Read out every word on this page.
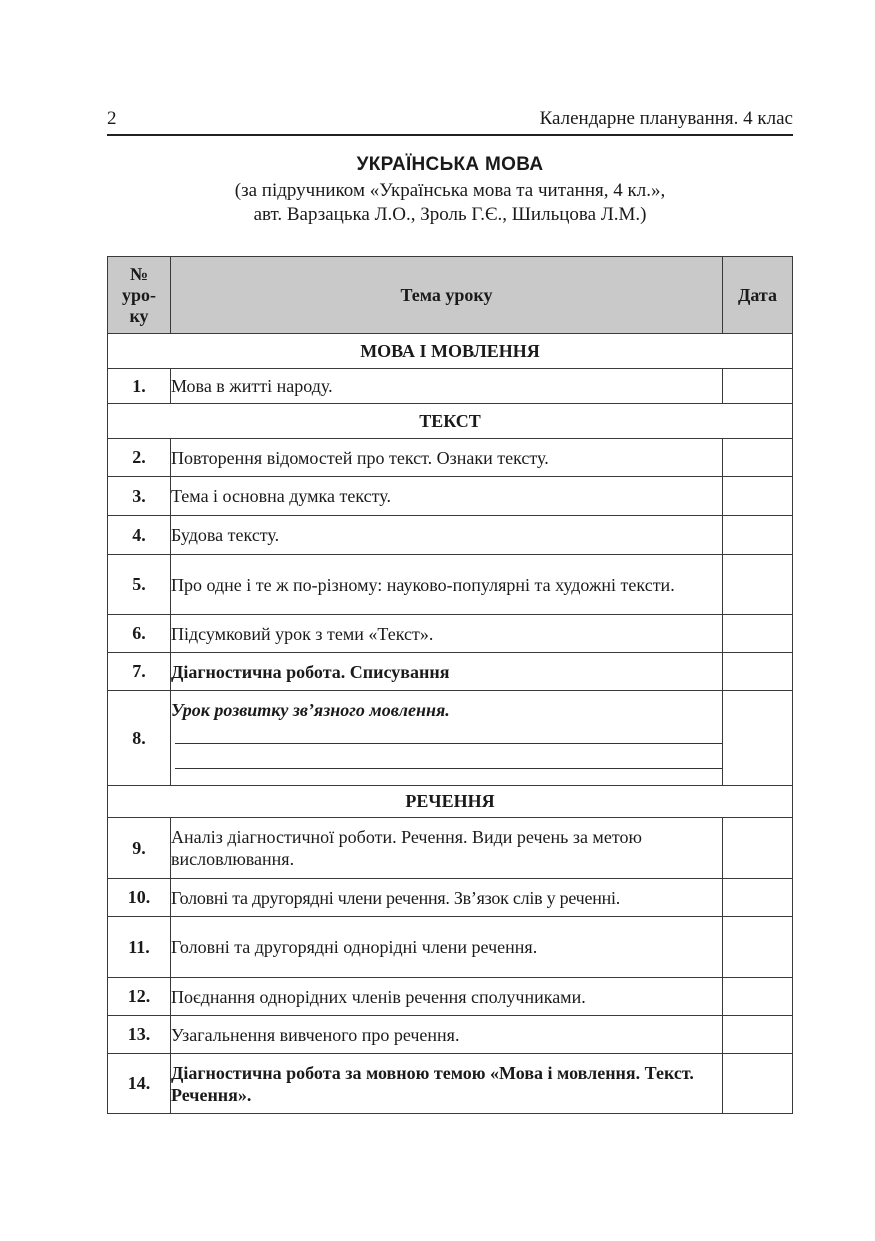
2	Календарне планування. 4 клас
УКРАЇНСЬКА МОВА
(за підручником «Українська мова та читання, 4 кл.»,
авт. Варзацька Л.О., Зроль Г.Є., Шильцова Л.М.)
№
уро-
ку	Тема уроку	Дата
МОВА І МОВЛЕННЯ		
1.	Мова в житті народу.	
ТЕКСТ		
2.	Повторення відомостей про текст. Ознаки тексту.	
3.	Тема і основна думка тексту.	
4.	Будова тексту.	
5.	Про одне і те ж по-різному: науково-популярні та художні тексти.	
6.	Підсумковий урок з теми «Текст».	
7.	Діагностична робота. Списування	
8.	Урок розвитку зв’язного мовлення.	

РЕЧЕННЯ		
9.	Аналіз діагностичної роботи. Речення. Види речень за метою висловлювання.	
10.	Головні та другорядні члени речення. Зв’язок слів у реченні.	
11.	Головні та другорядні однорідні члени речення.	
12.	Поєднання однорідних членів речення сполучниками.	
13.	Узагальнення вивченого про речення.	
14.	Діагностична робота за мовною темою «Мова і мовлення. Текст. Речення».	
